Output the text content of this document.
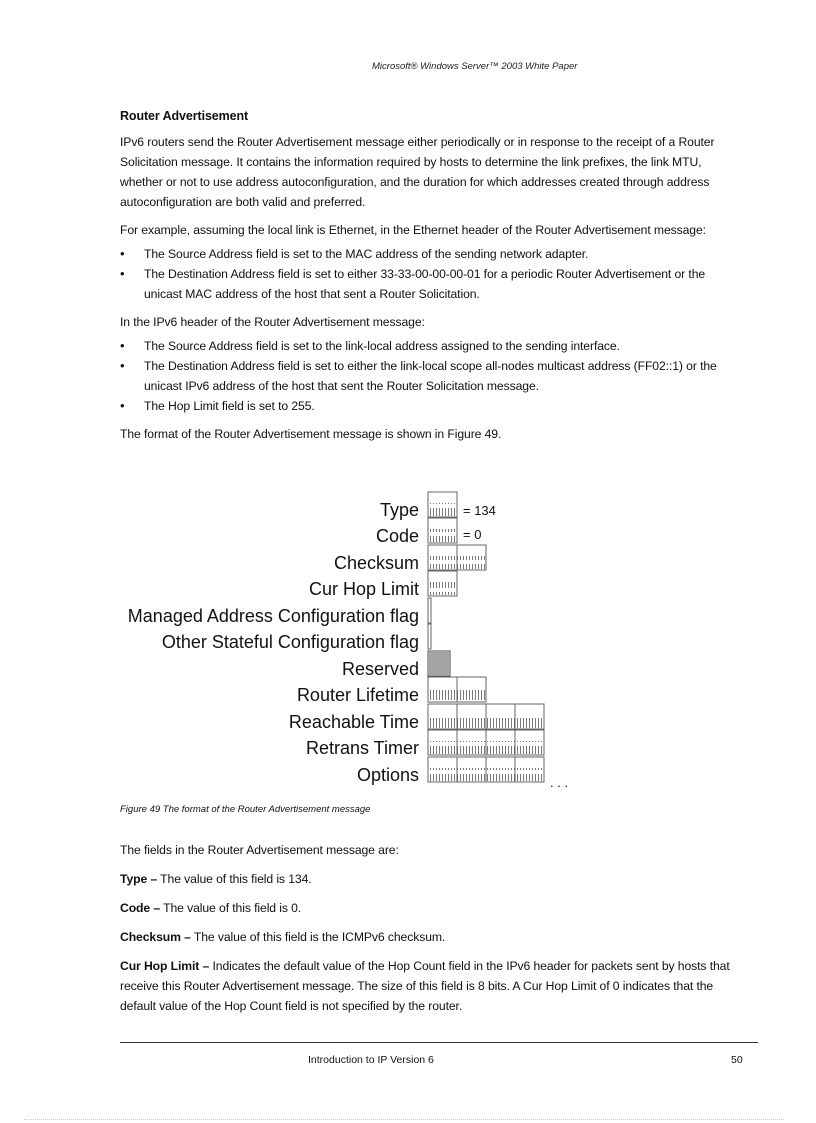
Microsoft® Windows Server™ 2003 White Paper
Router Advertisement

IPv6 routers send the Router Advertisement message either periodically or in response to the receipt of a Router Solicitation message. It contains the information required by hosts to determine the link prefixes, the link MTU, whether or not to use address autoconfiguration, and the duration for which addresses created through address autoconfiguration are both valid and preferred.

For example, assuming the local link is Ethernet, in the Ethernet header of the Router Advertisement message:

• The Source Address field is set to the MAC address of the sending network adapter.
• The Destination Address field is set to either 33-33-00-00-00-01 for a periodic Router Advertisement or the unicast MAC address of the host that sent a Router Solicitation.

In the IPv6 header of the Router Advertisement message:

• The Source Address field is set to the link-local address assigned to the sending interface.
• The Destination Address field is set to either the link-local scope all-nodes multicast address (FF02::1) or the unicast IPv6 address of the host that sent the Router Solicitation message.
• The Hop Limit field is set to 255.

The format of the Router Advertisement message is shown in Figure 49.

Type
Code
Checksum
Cur Hop Limit
Managed Address Configuration flag
Other Stateful Configuration flag
Reserved
Router Lifetime
Reachable Time
Retrans Timer
Options
= 134
= 0
. . .
Figure 49 The format of the Router Advertisement message

The fields in the Router Advertisement message are:

Type – The value of this field is 134.

Code – The value of this field is 0.

Checksum – The value of this field is the ICMPv6 checksum.

Cur Hop Limit – Indicates the default value of the Hop Count field in the IPv6 header for packets sent by hosts that receive this Router Advertisement message. The size of this field is 8 bits. A Cur Hop Limit of 0 indicates that the default value of the Hop Count field is not specified by the router.

Introduction to IP Version 6	50
